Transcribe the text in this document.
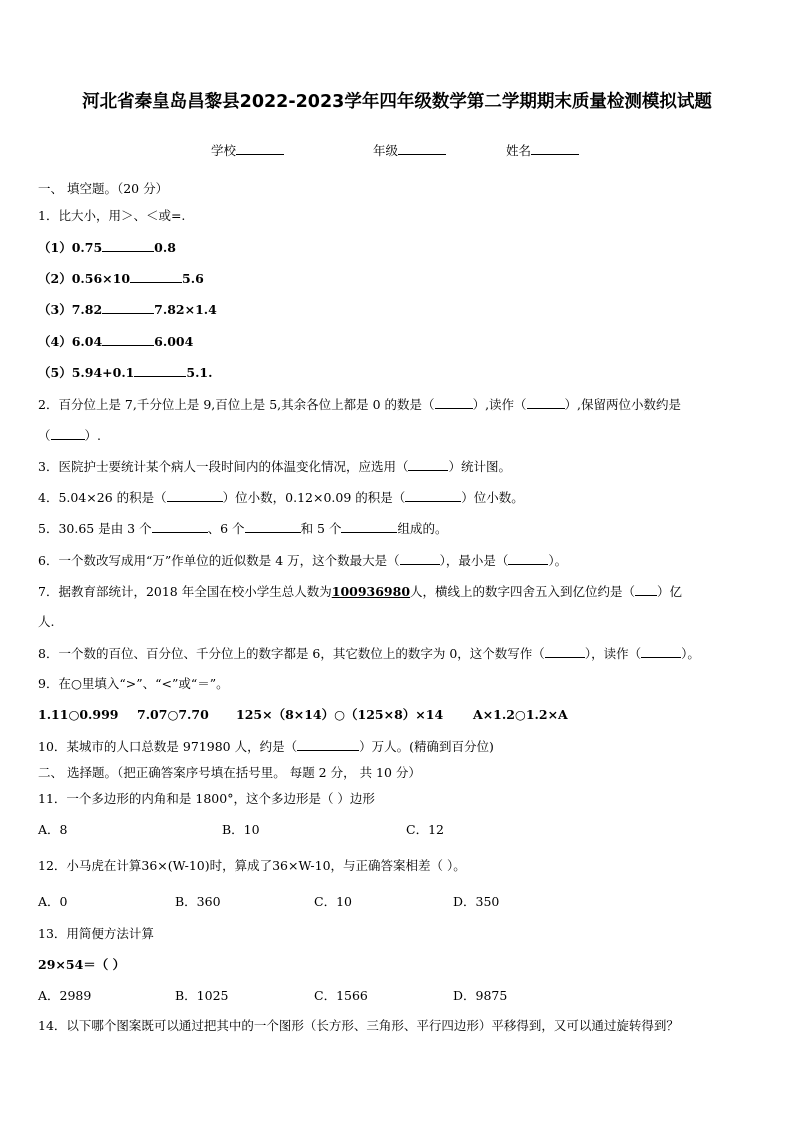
河北省秦皇岛昌黎县2022-2023学年四年级数学第二学期期末质量检测模拟试题
学校	年级	姓名
一、 填空题。（20 分）
1．比大小，用＞、＜或=.
（1）0.75	0.8
（2）0.56×10	5.6
（3）7.82	7.82×1.4
（4）6.04	6.004
（5）5.94+0.1	5.1.
2．百分位上是 7,千分位上是 9,百位上是 5,其余各位上都是 0 的数是（	）,读作（	）,保留两位小数约是
（	）.
3．医院护士要统计某个病人一段时间内的体温变化情况，应选用（	）统计图。
4．5.04×26 的积是（	）位小数，0.12×0.09 的积是（	）位小数。
5．30.65 是由 3 个	、6 个	和 5 个	组成的。
6．一个数改写成用“万”作单位的近似数是 4 万，这个数最大是（	），最小是（	）。
7．据教育部统计，2018 年全国在校小学生总人数为100936980人，横线上的数字四舍五入到亿位约是（ ）亿
人.
8．一个数的百位、百分位、千分位上的数字都是 6，其它数位上的数字为 0，这个数写作（	），读作（	）。
9．在○里填入“>”、“<”或“＝”。
1.11○0.999 7.07○7.70 125×（8×14）○（125×8）×14 A×1.2○1.2×A
10．某城市的人口总数是 971980 人，约是（	）万人。(精确到百分位)
二、 选择题。（把正确答案序号填在括号里。 每题 2 分， 共 10 分）
11．一个多边形的内角和是 1800°，这个多边形是（ ）边形
A．8	B．10	C．12
12．小马虎在计算36×(W-10)时，算成了36×W-10，与正确答案相差（ ）。
A．0	B．360	C．10	D．350
13．用简便方法计算
29×54＝（ ）
A．2989	B．1025	C．1566	D．9875
14．以下哪个图案既可以通过把其中的一个图形（长方形、三角形、平行四边形）平移得到，又可以通过旋转得到？
